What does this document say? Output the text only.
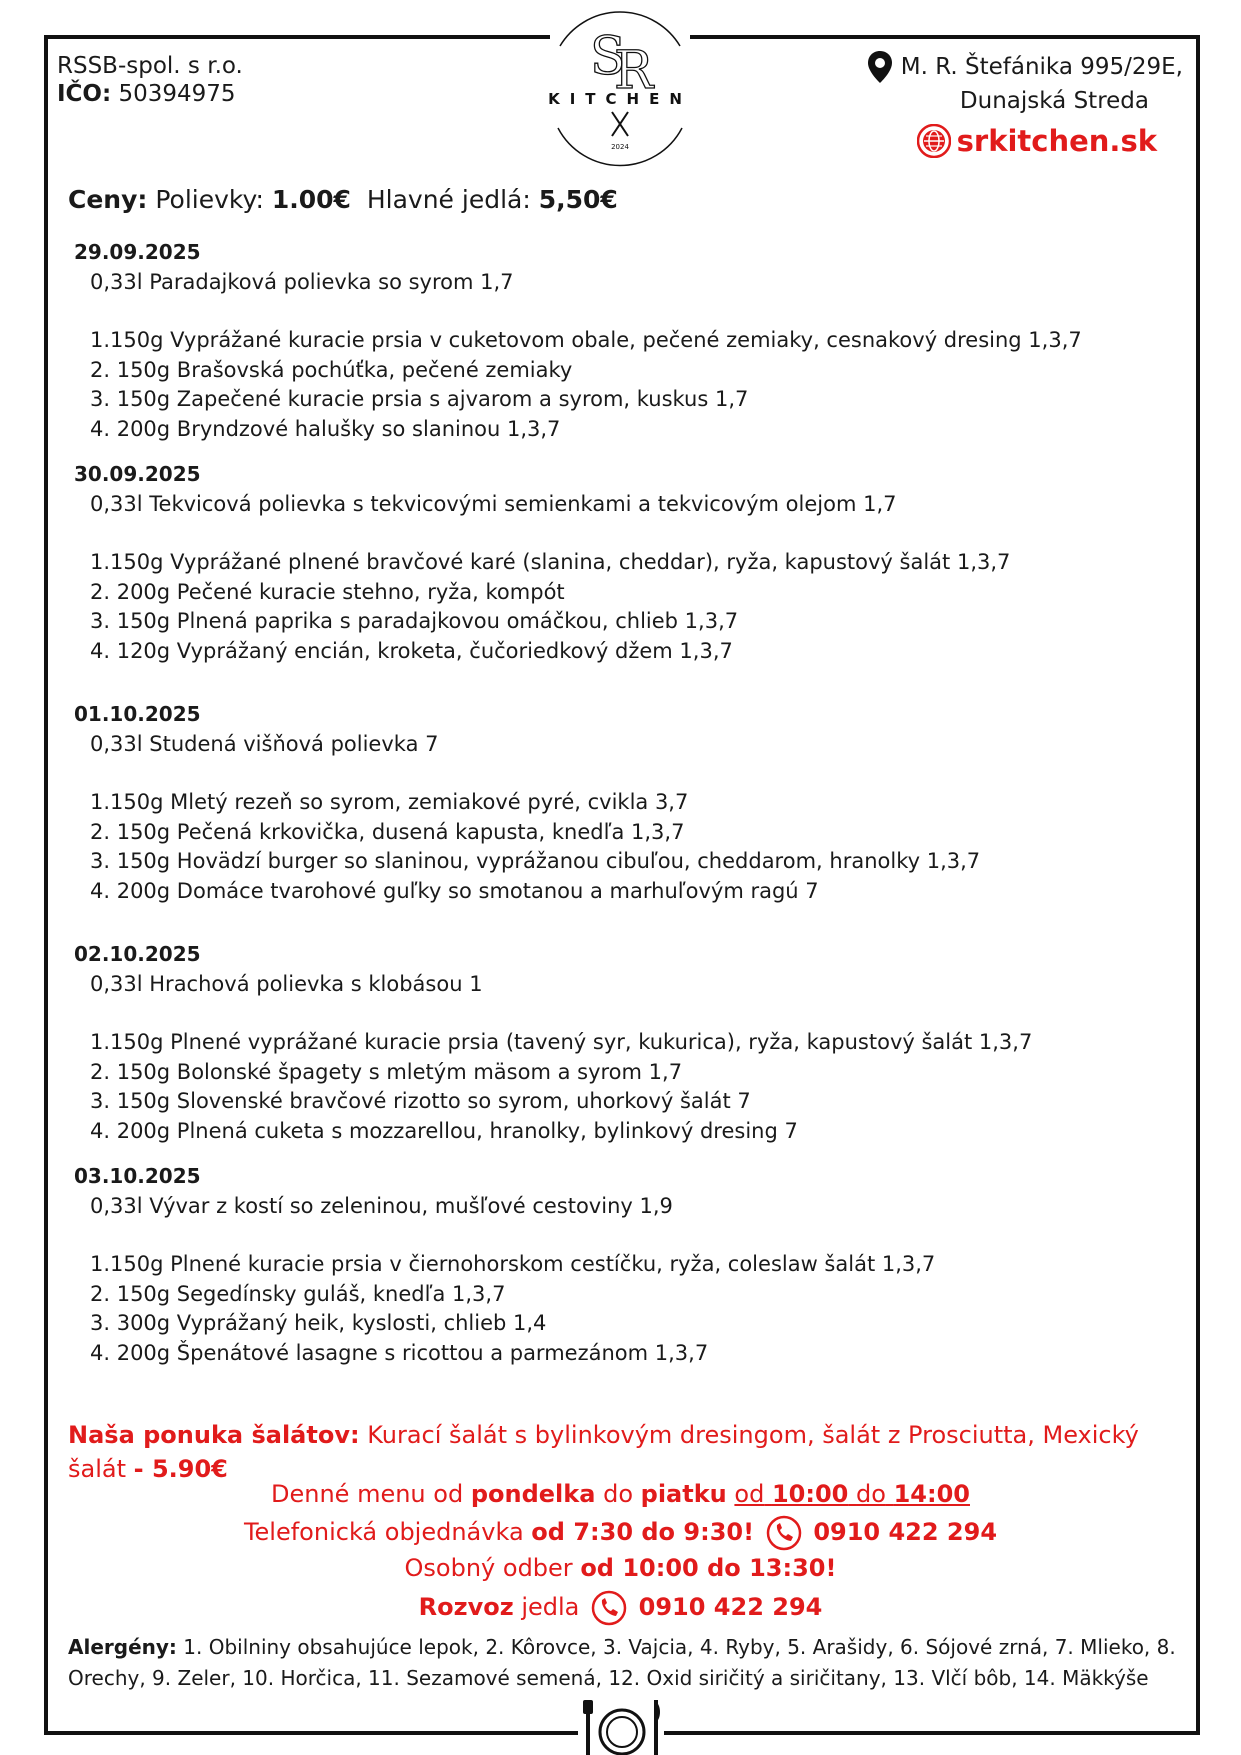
S
R
KITCHEN
2024
RSSB-spol. s r.o.
IČO: 50394975
M. R. Štefánika 995/29E,
Dunajská Streda
srkitchen.sk
Ceny: Polievky: 1.00€ Hlavné jedlá: 5,50€
29.09.2025
0,33l Paradajková polievka so syrom 1,7
1.150g Vyprážané kuracie prsia v cuketovom obale, pečené zemiaky, cesnakový dresing 1,3,7
2. 150g Brašovská pochúťka, pečené zemiaky
3. 150g Zapečené kuracie prsia s ajvarom a syrom, kuskus 1,7
4. 200g Bryndzové halušky so slaninou 1,3,7
30.09.2025
0,33l Tekvicová polievka s tekvicovými semienkami a tekvicovým olejom 1,7
1.150g Vyprážané plnené bravčové karé (slanina, cheddar), ryža, kapustový šalát 1,3,7
2. 200g Pečené kuracie stehno, ryža, kompót
3. 150g Plnená paprika s paradajkovou omáčkou, chlieb 1,3,7
4. 120g Vyprážaný encián, kroketa, čučoriedkový džem 1,3,7
01.10.2025
0,33l Studená višňová polievka 7
1.150g Mletý rezeň so syrom, zemiakové pyré, cvikla 3,7
2. 150g Pečená krkovička, dusená kapusta, knedľa 1,3,7
3. 150g Hovädzí burger so slaninou, vyprážanou cibuľou, cheddarom, hranolky 1,3,7
4. 200g Domáce tvarohové guľky so smotanou a marhuľovým ragú 7
02.10.2025
0,33l Hrachová polievka s klobásou 1
1.150g Plnené vyprážané kuracie prsia (tavený syr, kukurica), ryža, kapustový šalát 1,3,7
2. 150g Bolonské špagety s mletým mäsom a syrom 1,7
3. 150g Slovenské bravčové rizotto so syrom, uhorkový šalát 7
4. 200g Plnená cuketa s mozzarellou, hranolky, bylinkový dresing 7
03.10.2025
0,33l Vývar z kostí so zeleninou, mušľové cestoviny 1,9
1.150g Plnené kuracie prsia v čiernohorskom cestíčku, ryža, coleslaw šalát 1,3,7
2. 150g Segedínsky guláš, knedľa 1,3,7
3. 300g Vyprážaný heik, kyslosti, chlieb 1,4
4. 200g Špenátové lasagne s ricottou a parmezánom 1,3,7
Naša ponuka šalátov: Kurací šalát s bylinkovým dresingom, šalát z Prosciutta, Mexický šalát - 5.90€
Denné menu od pondelka do piatku od 10:00 do 14:00
Telefonická objednávka od 7:30 do 9:30! 0910 422 294
Osobný odber od 10:00 do 13:30!
Rozvoz jedla 0910 422 294
Alergény: 1. Obilniny obsahujúce lepok, 2. Kôrovce, 3. Vajcia, 4. Ryby, 5. Arašidy, 6. Sójové zrná, 7. Mlieko, 8. Orechy, 9. Zeler, 10. Horčica, 11. Sezamové semená, 12. Oxid siričitý a siričitany, 13. Vlčí bôb, 14. Mäkkýše
